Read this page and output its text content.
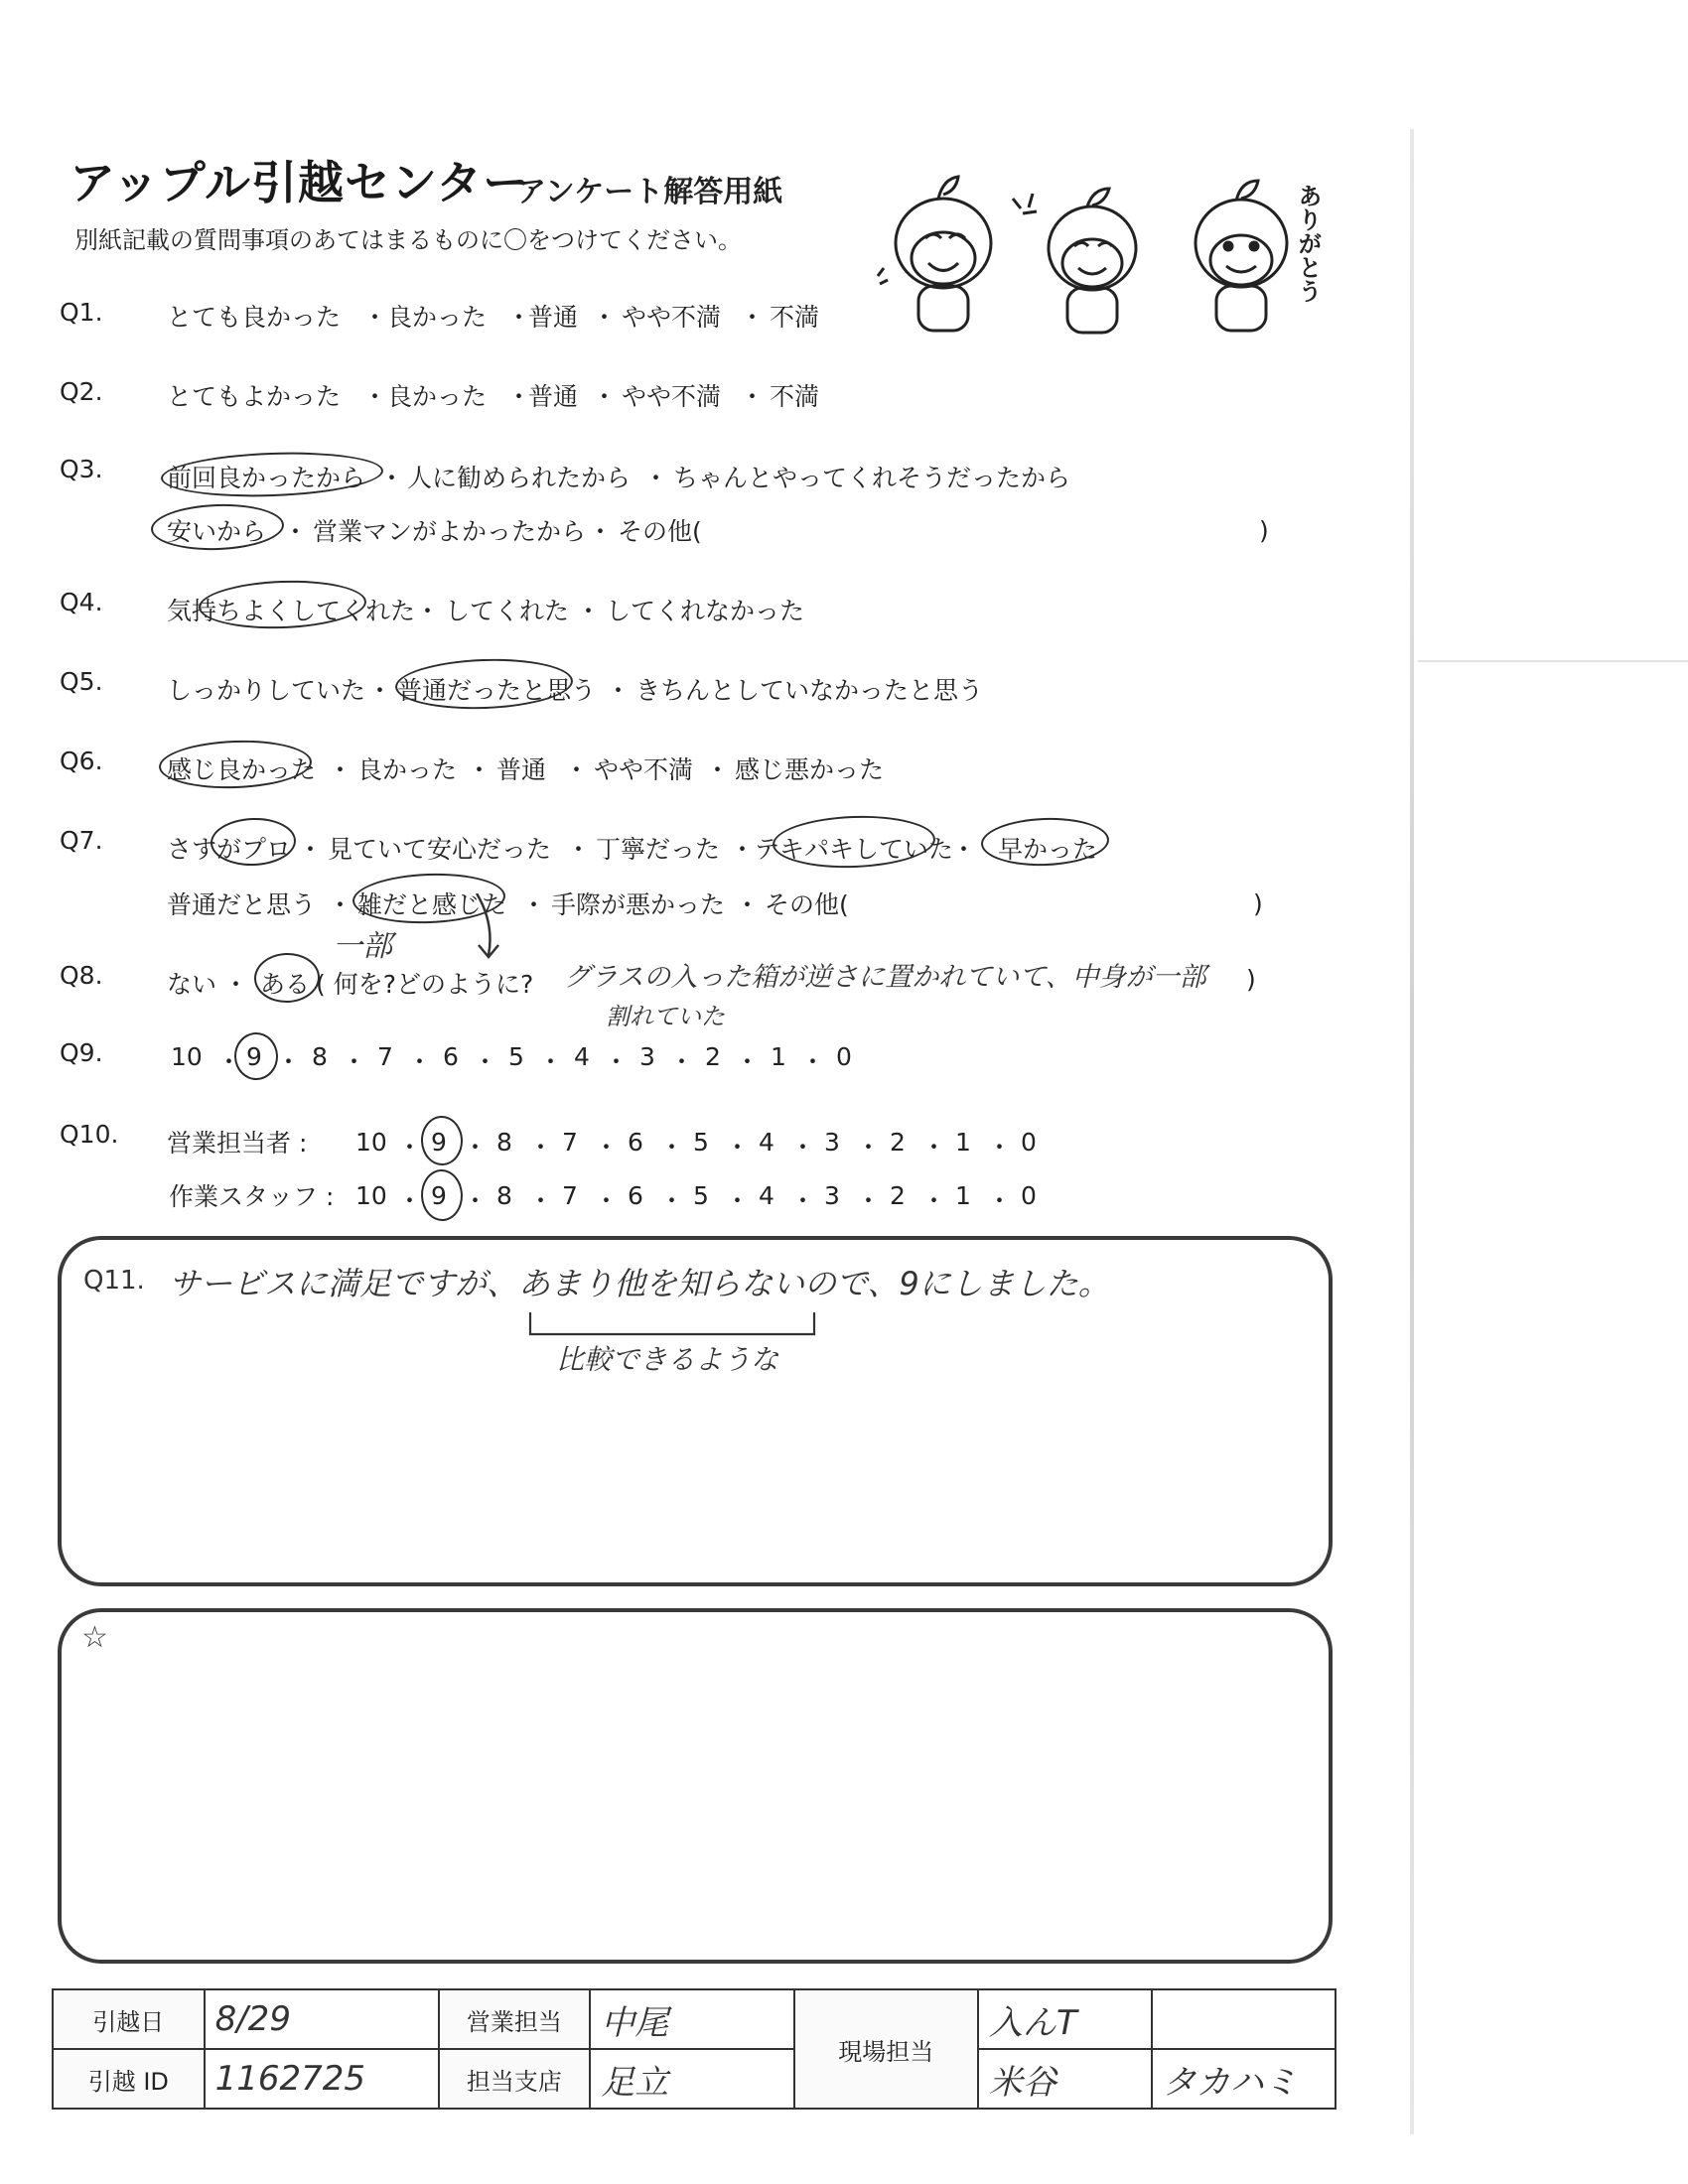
アップル引越センター
アンケート解答用紙
別紙記載の質問事項のあてはまるものに〇をつけてください。	ありがとう
Q1.	とても良かった ・ 良かった ・
普通 ・ やや不満 ・ 不満
Q2.	とてもよかった ・ 良かった ・
普通 ・ やや不満 ・ 不満
Q3.	前回良かったから ・ 人に勧められたから ・ ちゃんとやってくれそうだったから
安いから ・ 営業マンがよかったから ・ その他(	)
Q4.	気持ちよくしてくれた ・ してくれた ・ してくれなかった
Q5.	しっかりしていた ・ 普通だったと思う ・ きちんとしていなかったと思う
Q6.	感じ良かった ・ 良かった ・ 普通 ・ やや不満 ・ 感じ悪かった
Q7.	さすがプロ ・ 見ていて安心だった ・ 丁寧だった ・ テキパキしていた
・ 早かった
普通だと思う ・ 雑だと感じた ・ 手際が悪かった ・ その他(	)
一部
Q8.	ない ・ ある ( 何を?どのように? グラスの入った箱が逆さに置かれていて、中身が一部
割れていた
)
Q9.	10 ・ 9 ・ 8 ・ 7 ・ 6 ・ 5 ・ 4 ・ 3 ・ 2 ・ 1 ・ 0
Q10. 営業担当者 :
作業スタッフ :
10 ・ 9 ・ 8 ・ 7 ・ 6 ・ 5 ・ 4 ・ 3 ・ 2 ・ 1 ・ 0
10 ・ 9 ・ 8 ・ 7 ・ 6 ・ 5 ・ 4 ・ 3 ・ 2 ・ 1 ・ 0
Q11. サービスに満足ですが、あまり他を知らないので、9にしました。
比較できるような
☆
引越日	8/29	営業担当	中尾	現場担当	入んT	
引越 ID	1162725	担当支店	足立		米谷	タカハミ
